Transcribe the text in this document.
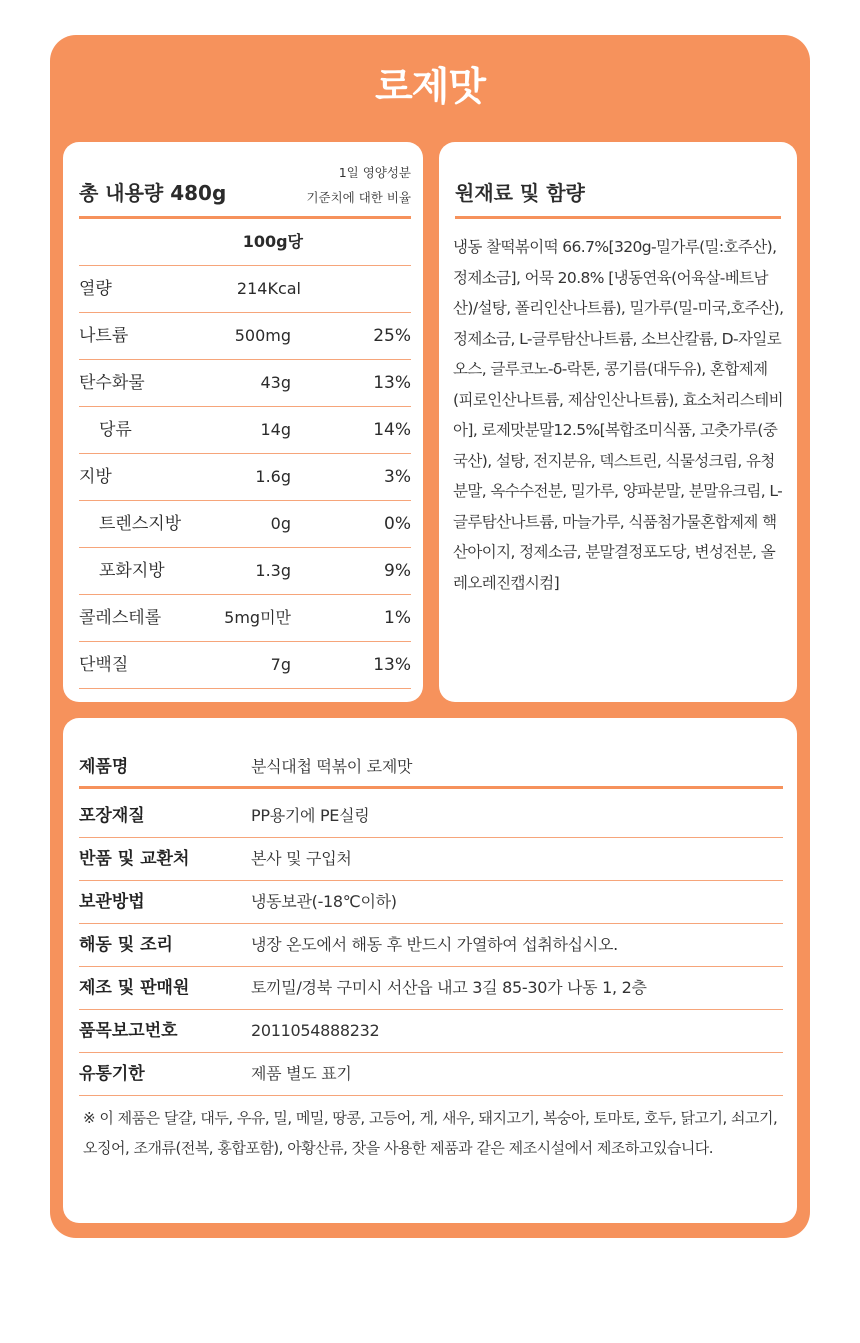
로제맛
총 내용량 480g
1일 영양성분
기준치에 대한 비율
100g당
열량	214Kcal
나트륨	500mg	25%
탄수화물	43g	13%
당류	14g	14%
지방	1.6g	3%
트렌스지방	0g	0%
포화지방	1.3g	9%
콜레스테롤	5mg미만	1%
단백질	7g	13%
원재료 및 함량
냉동 찰떡볶이떡 66.7%[320g-밀가루(밀:호주산), 정제소금], 어묵 20.8% [냉동연육(어육살-베트남산)/설탕, 폴리인산나트륨), 밀가루(밀-미국,호주산), 정제소금, L-글루탐산나트륨, 소브산칼륨, D-자일로오스, 글루코노-δ-락톤, 콩기름(대두유), 혼합제제(피로인산나트륨, 제삼인산나트륨), 효소처리스테비아], 로제맛분말12.5%[복합조미식품, 고춧가루(중국산), 설탕, 전지분유, 덱스트린, 식물성크림, 유청분말, 옥수수전분, 밀가루, 양파분말, 분말유크림, L-글루탐산나트륨, 마늘가루, 식품첨가물혼합제제 핵산아이지, 정제소금, 분말결정포도당, 변성전분, 올레오레진캡시컴]
제품명	분식대첩 떡볶이 로제맛
포장재질	PP용기에 PE실링
반품 및 교환처	본사 및 구입처
보관방법	냉동보관(-18℃이하)
해동 및 조리	냉장 온도에서 해동 후 반드시 가열하여 섭취하십시오.
제조 및 판매원	토끼밀/경북 구미시 서산읍 내고 3길 85-30가 나동 1, 2층
품목보고번호	2011054888232
유통기한	제품 별도 표기
※ 이 제품은 달걀, 대두, 우유, 밀, 메밀, 땅콩, 고등어, 게, 새우, 돼지고기, 복숭아, 토마토, 호두, 닭고기, 쇠고기, 오징어, 조개류(전복, 홍합포함), 아황산류, 잣을 사용한 제품과 같은 제조시설에서 제조하고있습니다.
